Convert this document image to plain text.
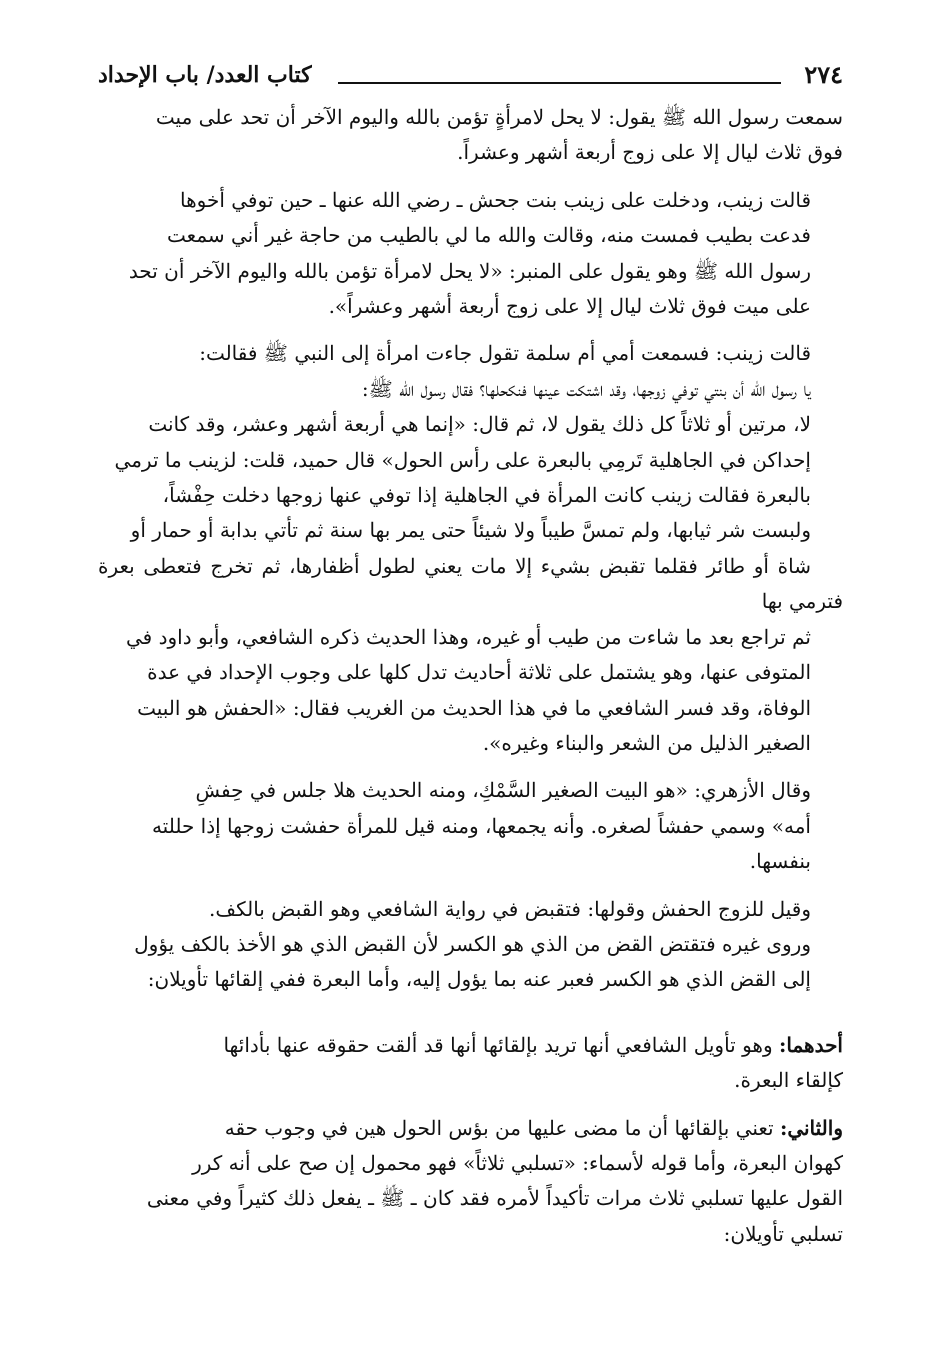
٢٧٤
كتاب العدد/ باب الإحداد

سمعت رسول الله ﷺ يقول: لا يحل لامرأةٍ تؤمن بالله واليوم الآخر أن تحد على ميت
فوق ثلاث ليال إلا على زوج أربعة أشهر وعشراً.

قالت زينب، ودخلت على زينب بنت جحش ـ رضي الله عنها ـ حين توفي أخوها
فدعت بطيب فمست منه، وقالت والله ما لي بالطيب من حاجة غير أني سمعت
رسول الله ﷺ وهو يقول على المنبر: «لا يحل لامرأة تؤمن بالله واليوم الآخر أن تحد
على ميت فوق ثلاث ليال إلا على زوج أربعة أشهر وعشراً».

قالت زينب: فسمعت أمي أم سلمة تقول جاءت امرأة إلى النبي ﷺ فقالت:
يا رسول الله أن بنتي توفي زوجها، وقد اشتكت عينها فنكحلها؟ فقال رسول الله ﷺ:
لا، مرتين أو ثلاثاً كل ذلك يقول لا، ثم قال: «إنما هي أربعة أشهر وعشر، وقد كانت
إحداكن في الجاهلية تَرمِي بالبعرة على رأس الحول» قال حميد، قلت: لزينب ما ترمي
بالبعرة فقالت زينب كانت المرأة في الجاهلية إذا توفي عنها زوجها دخلت حِفْشاً،
ولبست شر ثيابها، ولم تمسَّ طيباً ولا شيئاً حتى يمر بها سنة ثم تأتي بدابة أو حمار أو
شاة أو طائر فقلما تقبض بشيء إلا مات يعني لطول أظفارها، ثم تخرج فتعطى بعرة فترمي بها
ثم تراجع بعد ما شاءت من طيب أو غيره، وهذا الحديث ذكره الشافعي، وأبو داود في
المتوفى عنها، وهو يشتمل على ثلاثة أحاديث تدل كلها على وجوب الإحداد في عدة
الوفاة، وقد فسر الشافعي ما في هذا الحديث من الغريب فقال: «الحفش هو البيت
الصغير الذليل من الشعر والبناء وغيره».

وقال الأزهري: «هو البيت الصغير السَّمْكِ، ومنه الحديث هلا جلس في حِفشِ
أمه» وسمي حفشاً لصغره. وأنه يجمعها، ومنه قيل للمرأة حفشت زوجها إذا حللته
بنفسها.

وقيل للزوج الحفش وقولها: فتقبض في رواية الشافعي وهو القبض بالكف.
وروى غيره فتقتض القض من الذي هو الكسر لأن القبض الذي هو الأخذ بالكف يؤول
إلى القض الذي هو الكسر فعبر عنه بما يؤول إليه، وأما البعرة ففي إلقائها تأويلان:

أحدهما: وهو تأويل الشافعي أنها تريد بإلقائها أنها قد ألقت حقوقه عنها بأدائها
كإلقاء البعرة.

والثاني: تعني بإلقائها أن ما مضى عليها من بؤس الحول هين في وجوب حقه
كهوان البعرة، وأما قوله لأسماء: «تسلبي ثلاثاً» فهو محمول إن صح على أنه كرر
القول عليها تسلبي ثلاث مرات تأكيداً لأمره فقد كان ـ ﷺ ـ يفعل ذلك كثيراً وفي معنى
تسلبي تأويلان:
